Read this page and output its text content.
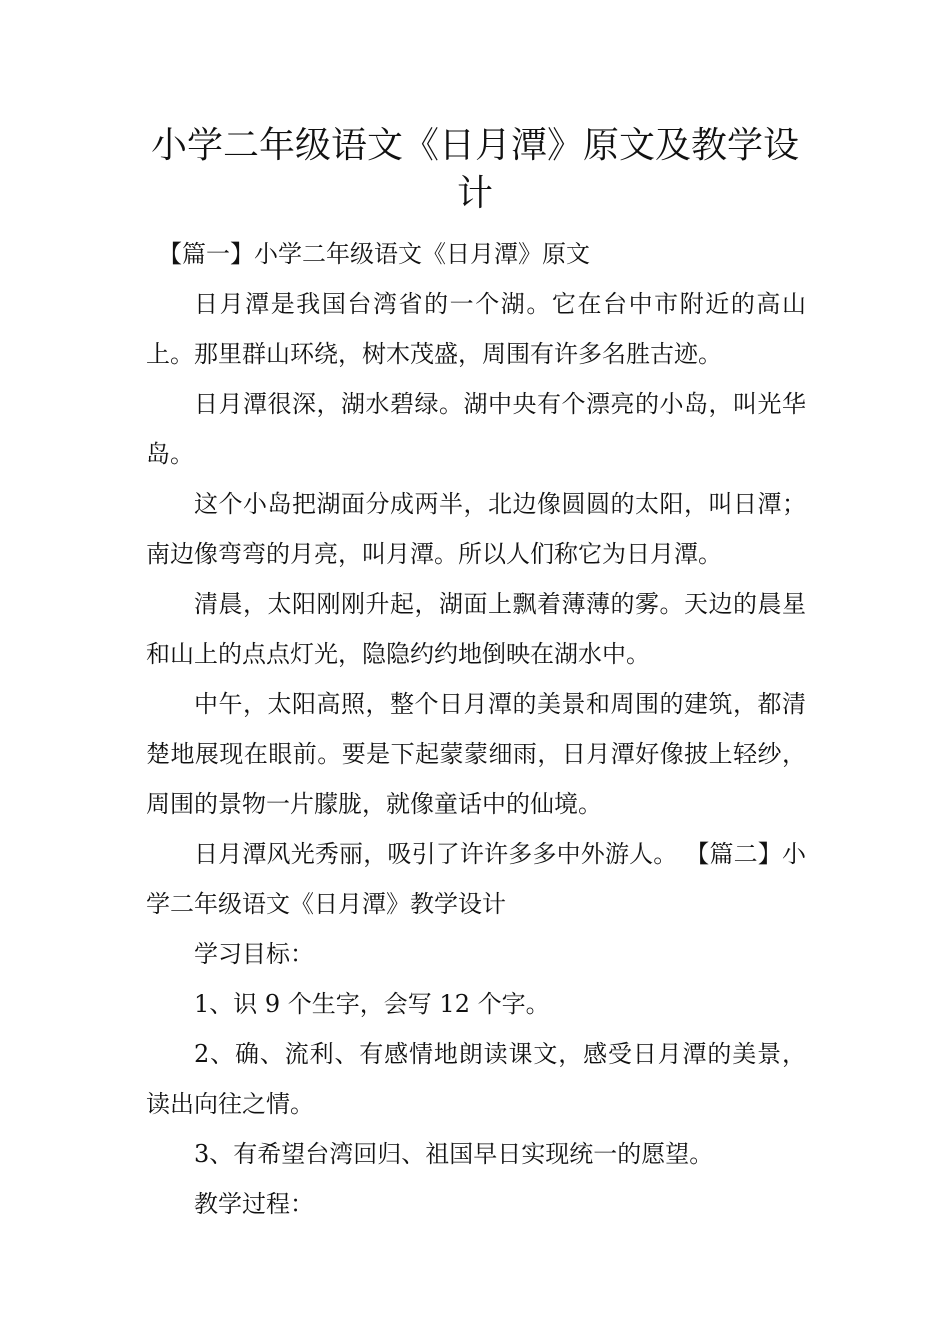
小学二年级语文《日月潭》原文及教学设计

【篇一】小学二年级语文《日月潭》原文

日月潭是我国台湾省的一个湖。它在台中市附近的高山上。那里群山环绕，树木茂盛，周围有许多名胜古迹。

日月潭很深，湖水碧绿。湖中央有个漂亮的小岛，叫光华岛。

这个小岛把湖面分成两半，北边像圆圆的太阳，叫日潭；南边像弯弯的月亮，叫月潭。所以人们称它为日月潭。

清晨，太阳刚刚升起，湖面上飘着薄薄的雾。天边的晨星和山上的点点灯光，隐隐约约地倒映在湖水中。

中午，太阳高照，整个日月潭的美景和周围的建筑，都清楚地展现在眼前。要是下起蒙蒙细雨，日月潭好像披上轻纱，周围的景物一片朦胧，就像童话中的仙境。

日月潭风光秀丽，吸引了许许多多中外游人。 【篇二】小学二年级语文《日月潭》教学设计

学习目标：

1、识 9 个生字，会写 12 个字。

2、确、流利、有感情地朗读课文，感受日月潭的美景，读出向往之情。

3、有希望台湾回归、祖国早日实现统一的愿望。

教学过程：
